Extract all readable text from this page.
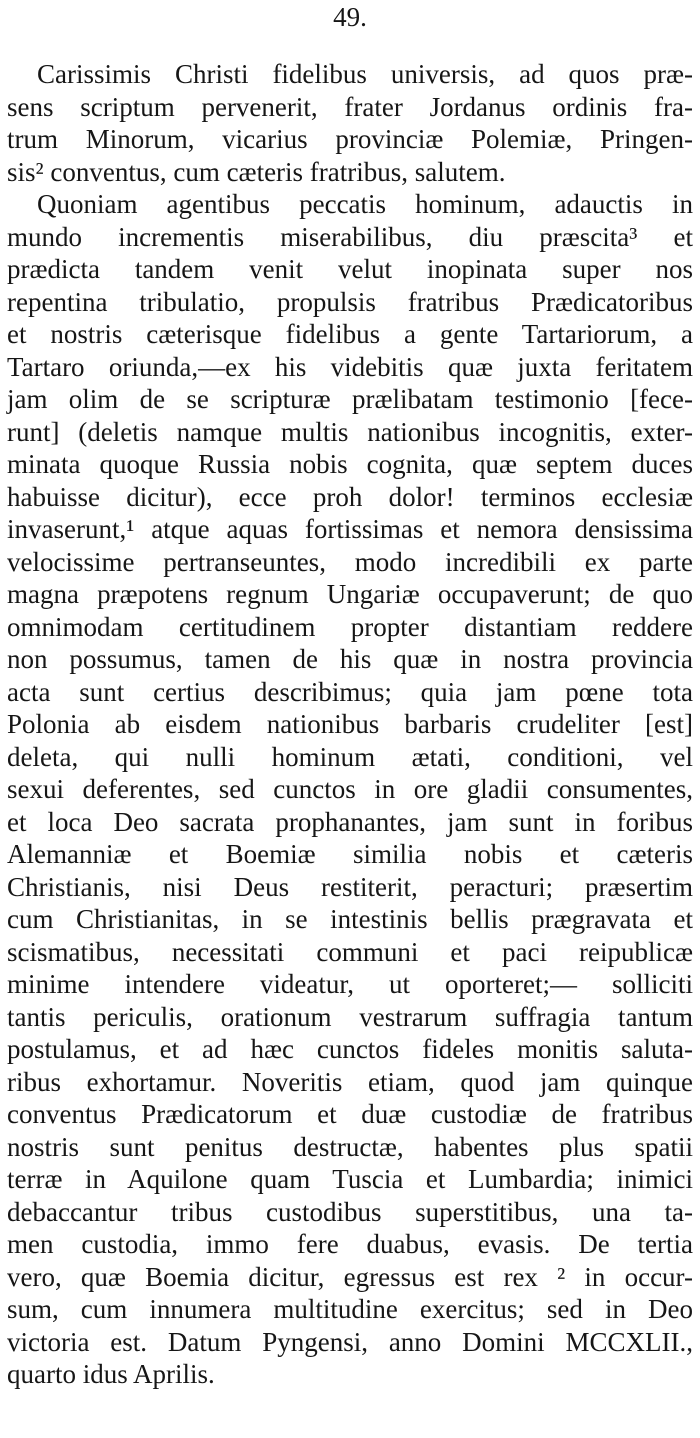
49.
Carissimis Christi fidelibus universis, ad quos præ-
sens scriptum pervenerit, frater Jordanus ordinis fra-
trum Minorum, vicarius provinciæ Polemiæ, Pringen-
sis² conventus, cum cæteris fratribus, salutem.
Quoniam agentibus peccatis hominum, adauctis in
mundo incrementis miserabilibus, diu præscita³ et
prædicta tandem venit velut inopinata super nos
repentina tribulatio, propulsis fratribus Prædicatoribus
et nostris cæterisque fidelibus a gente Tartariorum, a
Tartaro oriunda,—ex his videbitis quæ juxta feritatem
jam olim de se scripturæ prælibatam testimonio [fece-
runt] (deletis namque multis nationibus incognitis, exter-
minata quoque Russia nobis cognita, quæ septem duces
habuisse dicitur), ecce proh dolor! terminos ecclesiæ
invaserunt,¹ atque aquas fortissimas et nemora densissima
velocissime pertranseuntes, modo incredibili ex parte
magna præpotens regnum Ungariæ occupaverunt; de quo
omnimodam certitudinem propter distantiam reddere
non possumus, tamen de his quæ in nostra provincia
acta sunt certius describimus; quia jam pœne tota
Polonia ab eisdem nationibus barbaris crudeliter [est]
deleta, qui nulli hominum ætati, conditioni, vel
sexui deferentes, sed cunctos in ore gladii consumentes,
et loca Deo sacrata prophanantes, jam sunt in foribus
Alemanniæ et Boemiæ similia nobis et cæteris
Christianis, nisi Deus restiterit, peracturi; præsertim
cum Christianitas, in se intestinis bellis prægravata et
scismatibus, necessitati communi et paci reipublicæ
minime intendere videatur, ut oporteret;— solliciti
tantis periculis, orationum vestrarum suffragia tantum
postulamus, et ad hæc cunctos fideles monitis saluta-
ribus exhortamur. Noveritis etiam, quod jam quinque
conventus Prædicatorum et duæ custodiæ de fratribus
nostris sunt penitus destructæ, habentes plus spatii
terræ in Aquilone quam Tuscia et Lumbardia; inimici
debaccantur tribus custodibus superstitibus, una ta-
men custodia, immo fere duabus, evasis. De tertia
vero, quæ Boemia dicitur, egressus est rex ² in occur-
sum, cum innumera multitudine exercitus; sed in Deo
victoria est. Datum Pyngensi, anno Domini MCCXLII.,
quarto idus Aprilis.
